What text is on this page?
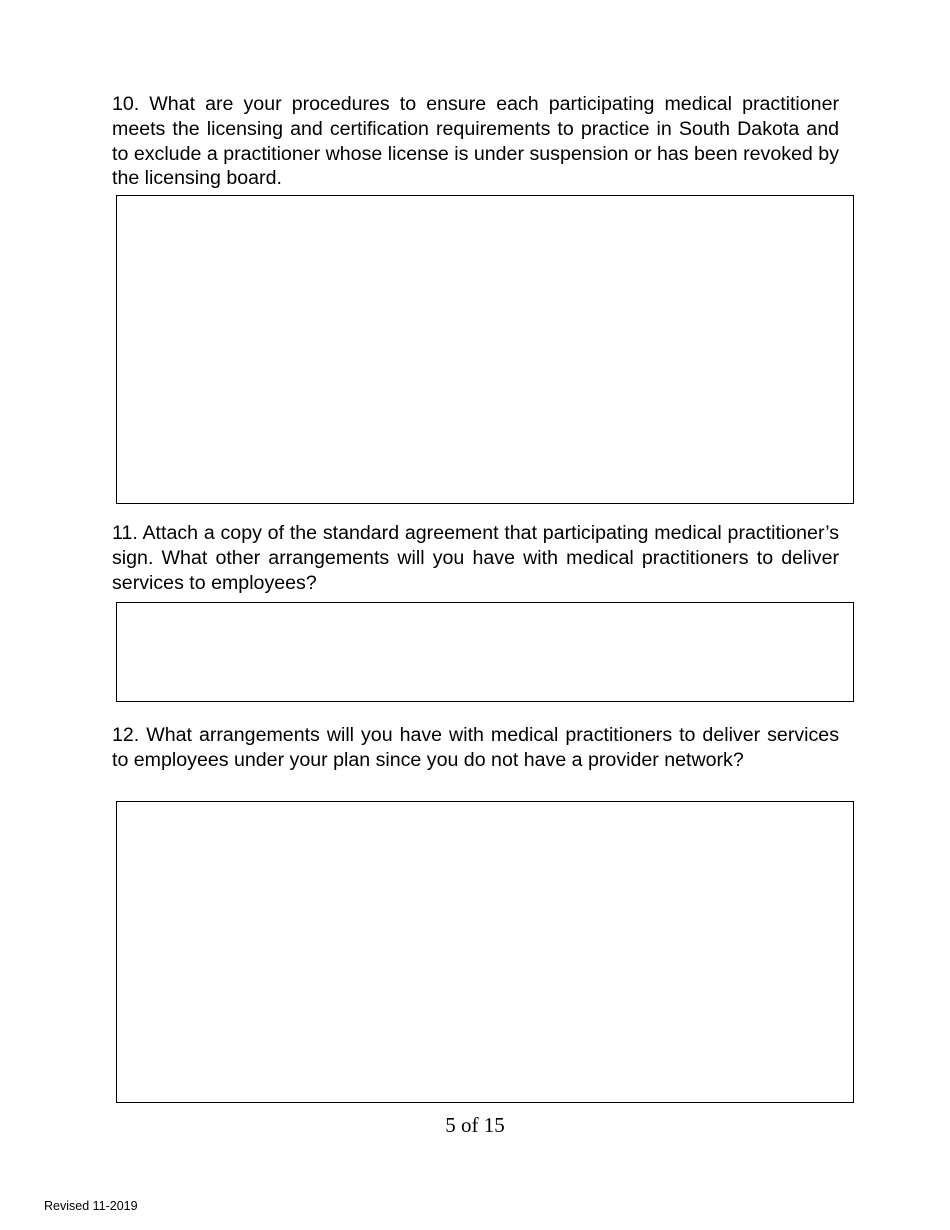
10. What are your procedures to ensure each participating medical practitioner meets the licensing and certification requirements to practice in South Dakota and to exclude a practitioner whose license is under suspension or has been revoked by the licensing board.

11. Attach a copy of the standard agreement that participating medical practitioner’s sign. What other arrangements will you have with medical practitioners to deliver services to employees?

12. What arrangements will you have with medical practitioners to deliver services to employees under your plan since you do not have a provider network?

5 of 15
Revised 11-2019
